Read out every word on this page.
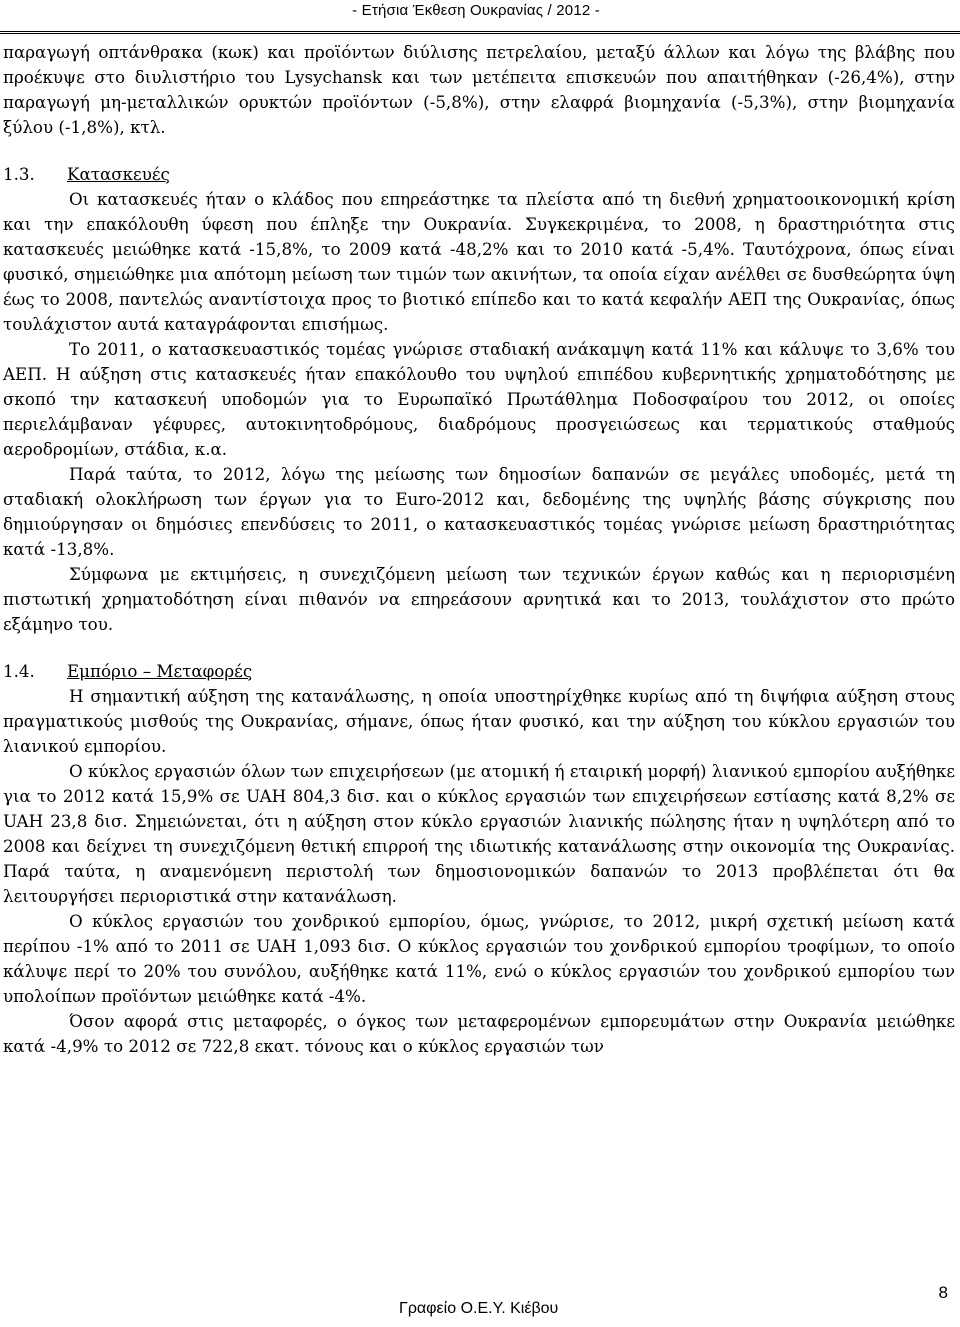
- Ετήσια Έκθεση Ουκρανίας / 2012 -

παραγωγή οπτάνθρακα (κωκ) και προϊόντων διύλισης πετρελαίου, μεταξύ άλλων και λόγω της βλάβης που προέκυψε στο διυλιστήριο του Lysychansk και των μετέπειτα επισκευών που απαιτήθηκαν (-26,4%), στην παραγωγή μη-μεταλλικών ορυκτών προϊόντων (-5,8%), στην ελαφρά βιομηχανία (-5,3%), στην βιομηχανία ξύλου (-1,8%), κτλ.

1.3.	Κατασκευές

Οι κατασκευές ήταν ο κλάδος που επηρεάστηκε τα πλείστα από τη διεθνή χρηματοοικονομική κρίση και την επακόλουθη ύφεση που έπληξε την Ουκρανία. Συγκεκριμένα, το 2008, η δραστηριότητα στις κατασκευές μειώθηκε κατά -15,8%, το 2009 κατά -48,2% και το 2010 κατά -5,4%. Ταυτόχρονα, όπως είναι φυσικό, σημειώθηκε μια απότομη μείωση των τιμών των ακινήτων, τα οποία είχαν ανέλθει σε δυσθεώρητα ύψη έως το 2008, παντελώς αναντίστοιχα προς το βιοτικό επίπεδο και το κατά κεφαλήν ΑΕΠ της Ουκρανίας, όπως τουλάχιστον αυτά καταγράφονται επισήμως.

Το 2011, ο κατασκευαστικός τομέας γνώρισε σταδιακή ανάκαμψη κατά 11% και κάλυψε το 3,6% του ΑΕΠ. Η αύξηση στις κατασκευές ήταν επακόλουθο του υψηλού επιπέδου κυβερνητικής χρηματοδότησης με σκοπό την κατασκευή υποδομών για το Ευρωπαϊκό Πρωτάθλημα Ποδοσφαίρου του 2012, οι οποίες περιελάμβαναν γέφυρες, αυτοκινητοδρόμους, διαδρόμους προσγειώσεως και τερματικούς σταθμούς αεροδρομίων, στάδια, κ.α.

Παρά ταύτα, το 2012, λόγω της μείωσης των δημοσίων δαπανών σε μεγάλες υποδομές, μετά τη σταδιακή ολοκλήρωση των έργων για το Euro-2012 και, δεδομένης της υψηλής βάσης σύγκρισης που δημιούργησαν οι δημόσιες επενδύσεις το 2011, ο κατασκευαστικός τομέας γνώρισε μείωση δραστηριότητας κατά -13,8%.

Σύμφωνα με εκτιμήσεις, η συνεχιζόμενη μείωση των τεχνικών έργων καθώς και η περιορισμένη πιστωτική χρηματοδότηση είναι πιθανόν να επηρεάσουν αρνητικά και το 2013, τουλάχιστον στο πρώτο εξάμηνο του.

1.4.	Εμπόριο – Μεταφορές

Η σημαντική αύξηση της κατανάλωσης, η οποία υποστηρίχθηκε κυρίως από τη διψήφια αύξηση στους πραγματικούς μισθούς της Ουκρανίας, σήμανε, όπως ήταν φυσικό, και την αύξηση του κύκλου εργασιών του λιανικού εμπορίου.

Ο κύκλος εργασιών όλων των επιχειρήσεων (με ατομική ή εταιρική μορφή) λιανικού εμπορίου αυξήθηκε για το 2012 κατά 15,9% σε UAH 804,3 δισ. και ο κύκλος εργασιών των επιχειρήσεων εστίασης κατά 8,2% σε UAH 23,8 δισ. Σημειώνεται, ότι η αύξηση στον κύκλο εργασιών λιανικής πώλησης ήταν η υψηλότερη από το 2008 και δείχνει τη συνεχιζόμενη θετική επιρροή της ιδιωτικής κατανάλωσης στην οικονομία της Ουκρανίας. Παρά ταύτα, η αναμενόμενη περιστολή των δημοσιονομικών δαπανών το 2013 προβλέπεται ότι θα λειτουργήσει περιοριστικά στην κατανάλωση.

Ο κύκλος εργασιών του χονδρικού εμπορίου, όμως, γνώρισε, το 2012, μικρή σχετική μείωση κατά περίπου -1% από το 2011 σε UAH 1,093 δισ. Ο κύκλος εργασιών του χονδρικού εμπορίου τροφίμων, το οποίο κάλυψε περί το 20% του συνόλου, αυξήθηκε κατά 11%, ενώ ο κύκλος εργασιών του χονδρικού εμπορίου των υπολοίπων προϊόντων μειώθηκε κατά -4%.

Όσον αφορά στις μεταφορές, ο όγκος των μεταφερομένων εμπορευμάτων στην Ουκρανία μειώθηκε κατά -4,9% το 2012 σε 722,8 εκατ. τόνους και ο κύκλος εργασιών των

8
Γραφείο Ο.Ε.Υ. Κιέβου
